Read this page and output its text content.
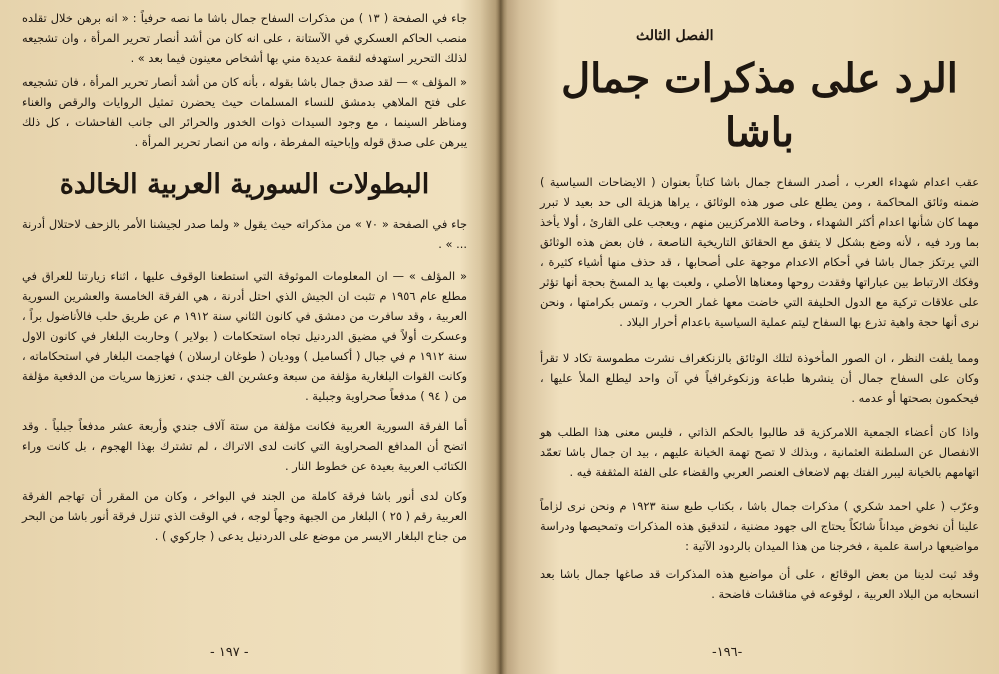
جاء في الصفحة ( ١٣ ) من مذكرات السفاح جمال باشا ما نصه حرفياً : « انه برهن خلال تقلده منصب الحاكم العسكري في الآستانة ، على انه كان من أشد أنصار تحرير المرأة ، وان تشجيعه لذلك التحرير استهدفه لنقمة عديدة مني بها أشخاص معينون فيما بعد » .

« المؤلف » — لقد صدق جمال باشا بقوله ، بأنه كان من أشد أنصار تحرير المرأة ، فان تشجيعه على فتح الملاهي بدمشق للنساء المسلمات حيث يحضرن تمثيل الروايات والرقص والغناء ومناظر السينما ، مع وجود السيدات ذوات الخدور والحرائر الى جانب الفاحشات ، كل ذلك يبرهن على صدق قوله وإباحيته المفرطة ، وانه من انصار تحرير المرأة .

البطولات السورية العربية الخالدة

جاء في الصفحة « ٧٠ » من مذكراته حيث يقول « ولما صدر لجيشنا الأمر بالزحف لاحتلال أدرنة ... » .

« المؤلف » — ان المعلومات الموثوقة التي استطعنا الوقوف عليها ، اثناء زيارتنا للعراق في مطلع عام ١٩٥٦ م تثبت ان الجيش الذي احتل أدرنة ، هي الفرقة الخامسة والعشرين السورية العربية ، وقد سافرت من دمشق في كانون الثاني سنة ١٩١٢ م عن طريق حلب فالأناضول براً ، وعسكرت أولاً في مضيق الدردنيل تجاه استحكامات ( بولاير ) وحاربت البلغار في كانون الاول سنة ١٩١٢ م في جبال ( أكساميل ) ووديان ( طوغان ارسلان ) فهاجمت البلغار في استحكاماته ، وكانت القوات البلغارية مؤلفة من سبعة وعشرين الف جندي ، تعززها سريات من الدفعية مؤلفة من ( ٩٤ ) مدفعاً صحراوية وجبلية .

أما الفرقة السورية العربية فكانت مؤلفة من ستة آلاف جندي وأربعة عشر مدفعاً جبلياً . وقد اتضح أن المدافع الصحراوية التي كانت لدى الاتراك ، لم تشترك بهذا الهجوم ، بل كانت وراء الكتائب العربية بعيدة عن خطوط النار .

وكان لدى أنور باشا فرقة كاملة من الجند في البواخر ، وكان من المقرر أن تهاجم الفرقة العربية رقم ( ٢٥ ) البلغار من الجبهة وجهاً لوجه ، في الوقت الذي تنزل فرقة أنور باشا من البحر من جناح البلغار الايسر من موضع على الدردنيل يدعى ( جاركوي ) .

- ١٩٧ -
الفصل الثالث
الرد على مذكرات جمال باشا

عقب اعدام شهداء العرب ، أصدر السفاح جمال باشا كتاباً بعنوان ( الايضاحات السياسية ) ضمنه وثائق المحاكمة ، ومن يطلع على صور هذه الوثائق ، يراها هزيلة الى حد بعيد لا تبرر مهما كان شأنها اعدام أكثر الشهداء ، وخاصة اللامركزيين منهم ، ويعجب على القارئ ، أولا يأخذ بما ورد فيه ، لأنه وضع بشكل لا يتفق مع الحقائق التاريخية الناصعة ، فان بعض هذه الوثائق التي يرتكز جمال باشا في أحكام الاعدام موجهة على أصحابها ، قد حذف منها أشياء كثيرة ، وفكك الارتباط بين عباراتها وفقدت روحها ومعناها الأصلي ، ولعبت بها يد المسخ بحجة أنها تؤثر على علاقات تركية مع الدول الحليفة التي خاضت معها غمار الحرب ، وتمس بكرامتها ، ونحن نرى أنها حجة واهية تذرع بها السفاح ليتم عملية السياسية باعدام أحرار البلاد .

ومما يلفت النظر ، ان الصور المأخوذة لتلك الوثائق بالزنكغراف نشرت مطموسة تكاد لا تقرأ وكان على السفاح جمال أن ينشرها طباعة وزنكوغرافياً في آن واحد ليطلع الملأ عليها ، فيحكمون بصحتها أو عدمه .

واذا كان أعضاء الجمعية اللامركزية قد طالبوا بالحكم الذاتي ، فليس معنى هذا الطلب هو الانفصال عن السلطنة العثمانية ، وبذلك لا تصح تهمة الخيانة عليهم ، بيد ان جمال باشا تعمّد اتهامهم بالخيانة ليبرر الفتك بهم لاضعاف العنصر العربي والقضاء على الفئة المثقفة فيه .

وعرّب ( علي احمد شكري ) مذكرات جمال باشا ، بكتاب طبع سنة ١٩٢٣ م ونحن نرى لزاماً علينا أن نخوض ميداناً شائكاً يحتاج الى جهود مضنية ، لتدقيق هذه المذكرات وتمحيصها ودراسة مواضيعها دراسة علمية ، فخرجنا من هذا الميدان بالردود الآتية :

وقد ثبت لدينا من بعض الوقائع ، على أن مواضيع هذه المذكرات قد صاغها جمال باشا بعد انسحابه من البلاد العربية ، لوقوعه في مناقشات فاضحة .

-١٩٦-
